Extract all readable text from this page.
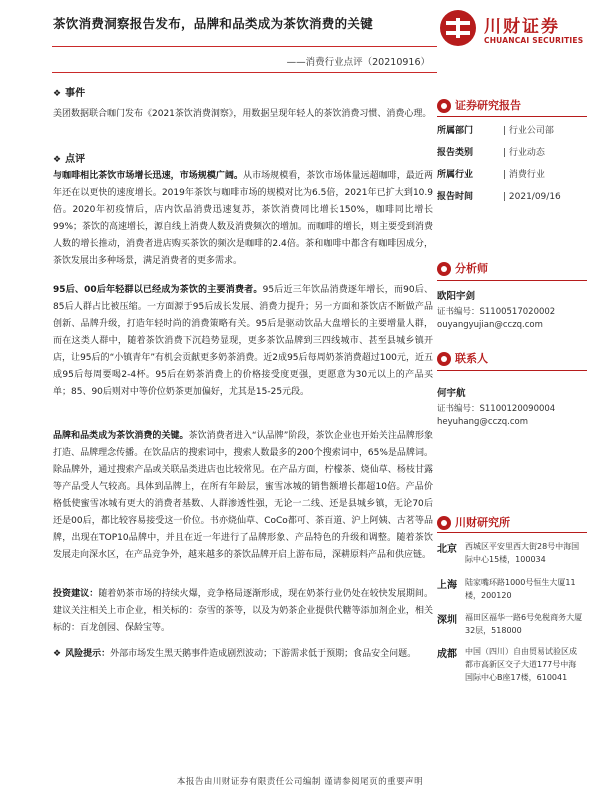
茶饮消费洞察报告发布，品牌和品类成为茶饮消费的关键
——消费行业点评（20210916）
川财证券
CHUANCAI SECURITIES
❖ 事件
美团数据联合咖门发布《2021茶饮消费洞察》，用数据呈现年轻人的茶饮消费习惯、消费心理。
❖ 点评
与咖啡相比茶饮市场增长迅速，市场规模广阔。从市场规模看，茶饮市场体量远超咖啡，最近两年还在以更快的速度增长。2019年茶饮与咖啡市场的规模对比为6.5倍，2021年已扩大到10.9倍。2020年初疫情后，店内饮品消费迅速复苏，茶饮消费同比增长150%，咖啡同比增长99%；茶饮的高速增长，源自线上消费人数及消费频次的增加。而咖啡的增长，则主要受到消费人数的增长推动，消费者进店购买茶饮的频次是咖啡的2.4倍。茶和咖啡中都含有咖啡因成分，茶饮发展出多种场景，满足消费者的更多需求。
95后、00后年轻群以已经成为茶饮的主要消费者。95后近三年饮品消费逐年增长，而90后、85后人群占比被压缩。一方面源于95后成长发展、消费力提升；另一方面和茶饮店不断做产品创新、品牌升级，打造年轻时尚的消费策略有关。95后是驱动饮品大盘增长的主要增量人群，而在这类人群中，随着茶饮消费下沉趋势显现，更多茶饮品牌到三四线城市、甚至县城乡镇开店，让95后的“小镇青年”有机会贡献更多奶茶消费。近2成95后每周奶茶消费超过100元，近五成95后每周要喝2-4杯。95后在奶茶消费上的价格接受度更强，更愿意为30元以上的产品买单；85、90后则对中等价位奶茶更加偏好，尤其是15-25元段。
品牌和品类成为茶饮消费的关键。茶饮消费者进入“认品牌”阶段，茶饮企业也开始关注品牌形象打造、品牌理念传播。在饮品店的搜索词中，搜索人数最多的200个搜索词中，65%是品牌词。除品牌外，通过搜索产品或关联品类进店也比较常见。在产品方面，柠檬茶、烧仙草、杨枝甘露等产品受人气较高。具体到品牌上，在所有年龄层，蜜雪冰城的销售额增长都超10倍。产品价格低使蜜雪冰城有更大的消费者基数、人群渗透性强，无论一二线、还是县城乡镇，无论70后还是00后，都比较容易接受这一价位。书亦烧仙草、CoCo都可、茶百道、沪上阿姨、古茗等品牌，出现在TOP10品牌中，并且在近一年进行了品牌形象、产品特色的升级和调整。随着茶饮发展走向深水区，在产品竞争外，越来越多的茶饮品牌开启上游布局，深耕原料产品和供应链。
投资建议：随着奶茶市场的持续火爆，竞争格局逐渐形成，现在奶茶行业仍处在较快发展期间。建议关注相关上市企业，相关标的：奈雪的茶等，以及为奶茶企业提供代糖等添加剂企业，相关标的：百龙创园、保龄宝等。
❖ 风险提示：外部市场发生黑天鹅事件造成剧烈波动；下游需求低于预期；食品安全问题。
证券研究报告
所属部门	| 行业公司部
报告类别	| 行业动态
所属行业	| 消费行业
报告时间	| 2021/09/16
分析师
欧阳宇剑
证书编号：S1100517020002
ouyangyujian@cczq.com
联系人
何宇航
证书编号：S1100120090004
heyuhang@cczq.com
川财研究所
北京 西城区平安里西大街28号中海国际中心15楼，100034
上海 陆家嘴环路1000号恒生大厦11楼，200120
深圳 福田区福华一路6号免税商务大厦32层，518000
成都 中国（四川）自由贸易试验区成都市高新区交子大道177号中海国际中心B座17楼，610041
本报告由川财证券有限责任公司编制 谨请参阅尾页的重要声明
